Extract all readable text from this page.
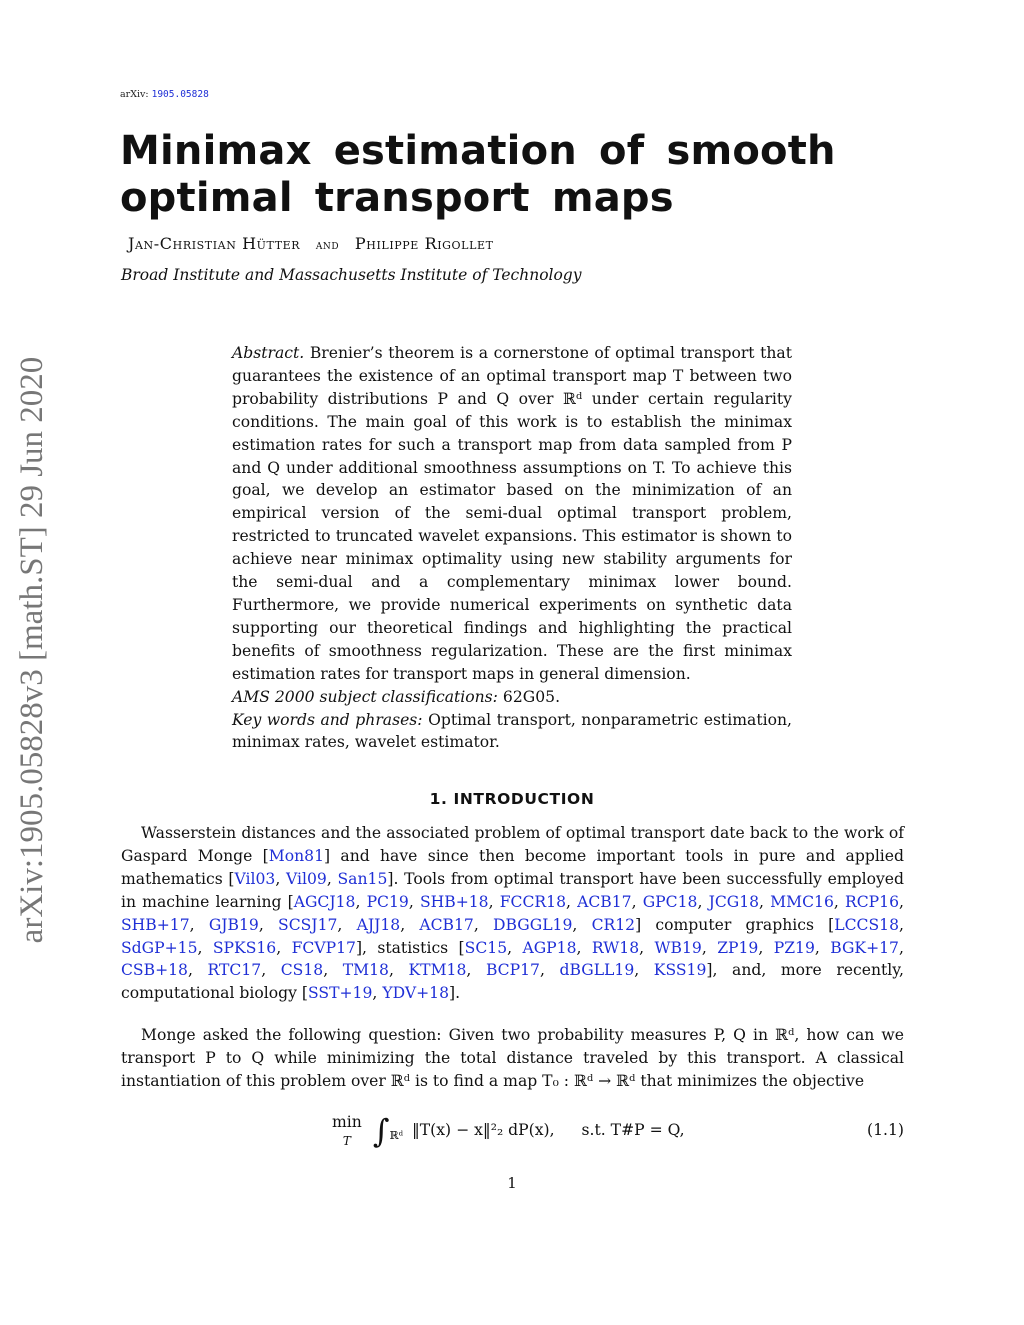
arXiv: 1905.05828
arXiv:1905.05828v3 [math.ST] 29 Jun 2020
Minimax estimation of smooth optimal transport maps
Jan-Christian Hütter and Philippe Rigollet
Broad Institute and Massachusetts Institute of Technology

Abstract. Brenier’s theorem is a cornerstone of optimal transport that guarantees the existence of an optimal transport map T between two probability distributions P and Q over ℝᵈ under certain regularity conditions. The main goal of this work is to establish the minimax estimation rates for such a transport map from data sampled from P and Q under additional smoothness assumptions on T. To achieve this goal, we develop an estimator based on the minimization of an empirical version of the semi-dual optimal transport problem, restricted to truncated wavelet expansions. This estimator is shown to achieve near minimax optimality using new stability arguments for the semi-dual and a complementary minimax lower bound. Furthermore, we provide numerical experiments on synthetic data supporting our theoretical findings and highlighting the practical benefits of smoothness regularization. These are the first minimax estimation rates for transport maps in general dimension.

AMS 2000 subject classifications: 62G05.

Key words and phrases: Optimal transport, nonparametric estimation, minimax rates, wavelet estimator.

1. INTRODUCTION

Wasserstein distances and the associated problem of optimal transport date back to the work of Gaspard Monge [Mon81] and have since then become important tools in pure and applied mathematics [Vil03, Vil09, San15]. Tools from optimal transport have been successfully employed in machine learning [AGCJ18, PC19, SHB+18, FCCR18, ACB17, GPC18, JCG18, MMC16, RCP16, SHB+17, GJB19, SCSJ17, AJJ18, ACB17, DBGGL19, CR12] computer graphics [LCCS18, SdGP+15, SPKS16, FCVP17], statistics [SC15, AGP18, RW18, WB19, ZP19, PZ19, BGK+17, CSB+18, RTC17, CS18, TM18, KTM18, BCP17, dBGLL19, KSS19], and, more recently, computational biology [SST+19, YDV+18].

Monge asked the following question: Given two probability measures P, Q in ℝᵈ, how can we transport P to Q while minimizing the total distance traveled by this transport. A classical instantiation of this problem over ℝᵈ is to find a map T₀ : ℝᵈ → ℝᵈ that minimizes the objective

min
T $\int_{ℝᵈ}$ ‖T(x) − x‖²₂ dP(x), s.t. T#P = Q,	(1.1)
1
